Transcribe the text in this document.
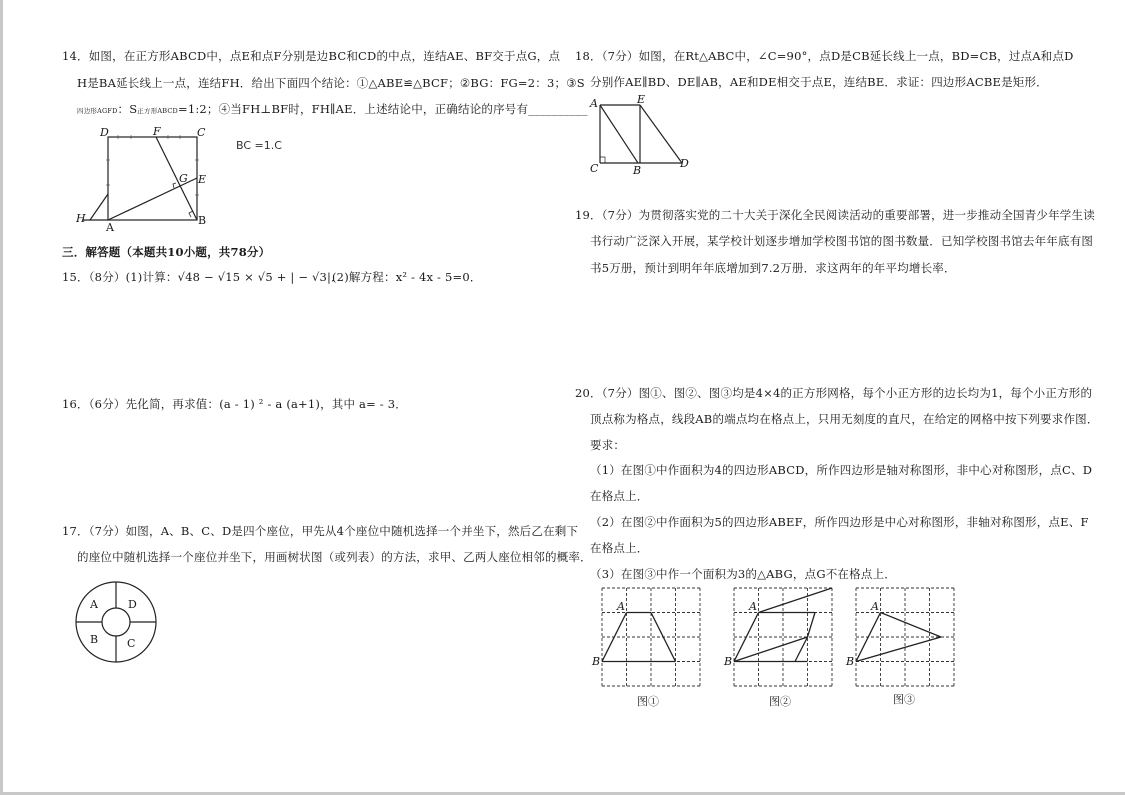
14．如图，在正方形ABCD中，点E和点F分别是边BC和CD的中点，连结AE、BF交于点G，点
H是BA延长线上一点，连结FH．给出下面四个结论：①△ABE≌△BCF；②BG：FG=2：3；③S
四边形AGFD：S正方形ABCD=1:2；④当FH⊥BF时，FH∥AE．上述结论中，正确结论的序号有__________
D	F	C
G E
H
A
B
BC =1.C
三．解答题（本题共10小题，共78分）
15．（8分）(1)计算：√48 − √15 × √5 + | − √3|．
(2)解方程：x² - 4x - 5=0．
16．（6分）先化简，再求值：(a - 1) ² - a (a+1)，其中 a= - 3．
17．（7分）如图，A、B、C、D是四个座位，甲先从4个座位中随机选择一个并坐下，然后乙在剩下
的座位中随机选择一个座位并坐下，用画树状图（或列表）的方法，求甲、乙两人座位相邻的概率．
A	D
B	C
18．（7分）如图，在Rt△ABC中，∠C=90°，点D是CB延长线上一点，BD=CB，过点A和点D
分别作AE∥BD、DE∥AB，AE和DE相交于点E，连结BE．求证：四边形ACBE是矩形．
A	E
C	B
D
19．（7分）为贯彻落实党的二十大关于深化全民阅读活动的重要部署，进一步推动全国青少年学生读
书行动广泛深入开展，某学校计划逐步增加学校图书馆的图书数量．已知学校图书馆去年年底有图
书5万册，预计到明年年底增加到7.2万册．求这两年的年平均增长率．
20．（7分）图①、图②、图③均是4×4的正方形网格，每个小正方形的边长均为1，每个小正方形的
顶点称为格点，线段AB的端点均在格点上，只用无刻度的直尺，在给定的网格中按下列要求作图．
要求：
（1）在图①中作面积为4的四边形ABCD，所作四边形是轴对称图形，非中心对称图形，点C、D
在格点上．
（2）在图②中作面积为5的四边形ABEF，所作四边形是中心对称图形，非轴对称图形，点E、F
在格点上．
（3）在图③中作一个面积为3的△ABG，点G不在格点上．
A
B
图①
A
B
图②
A
B
图③
